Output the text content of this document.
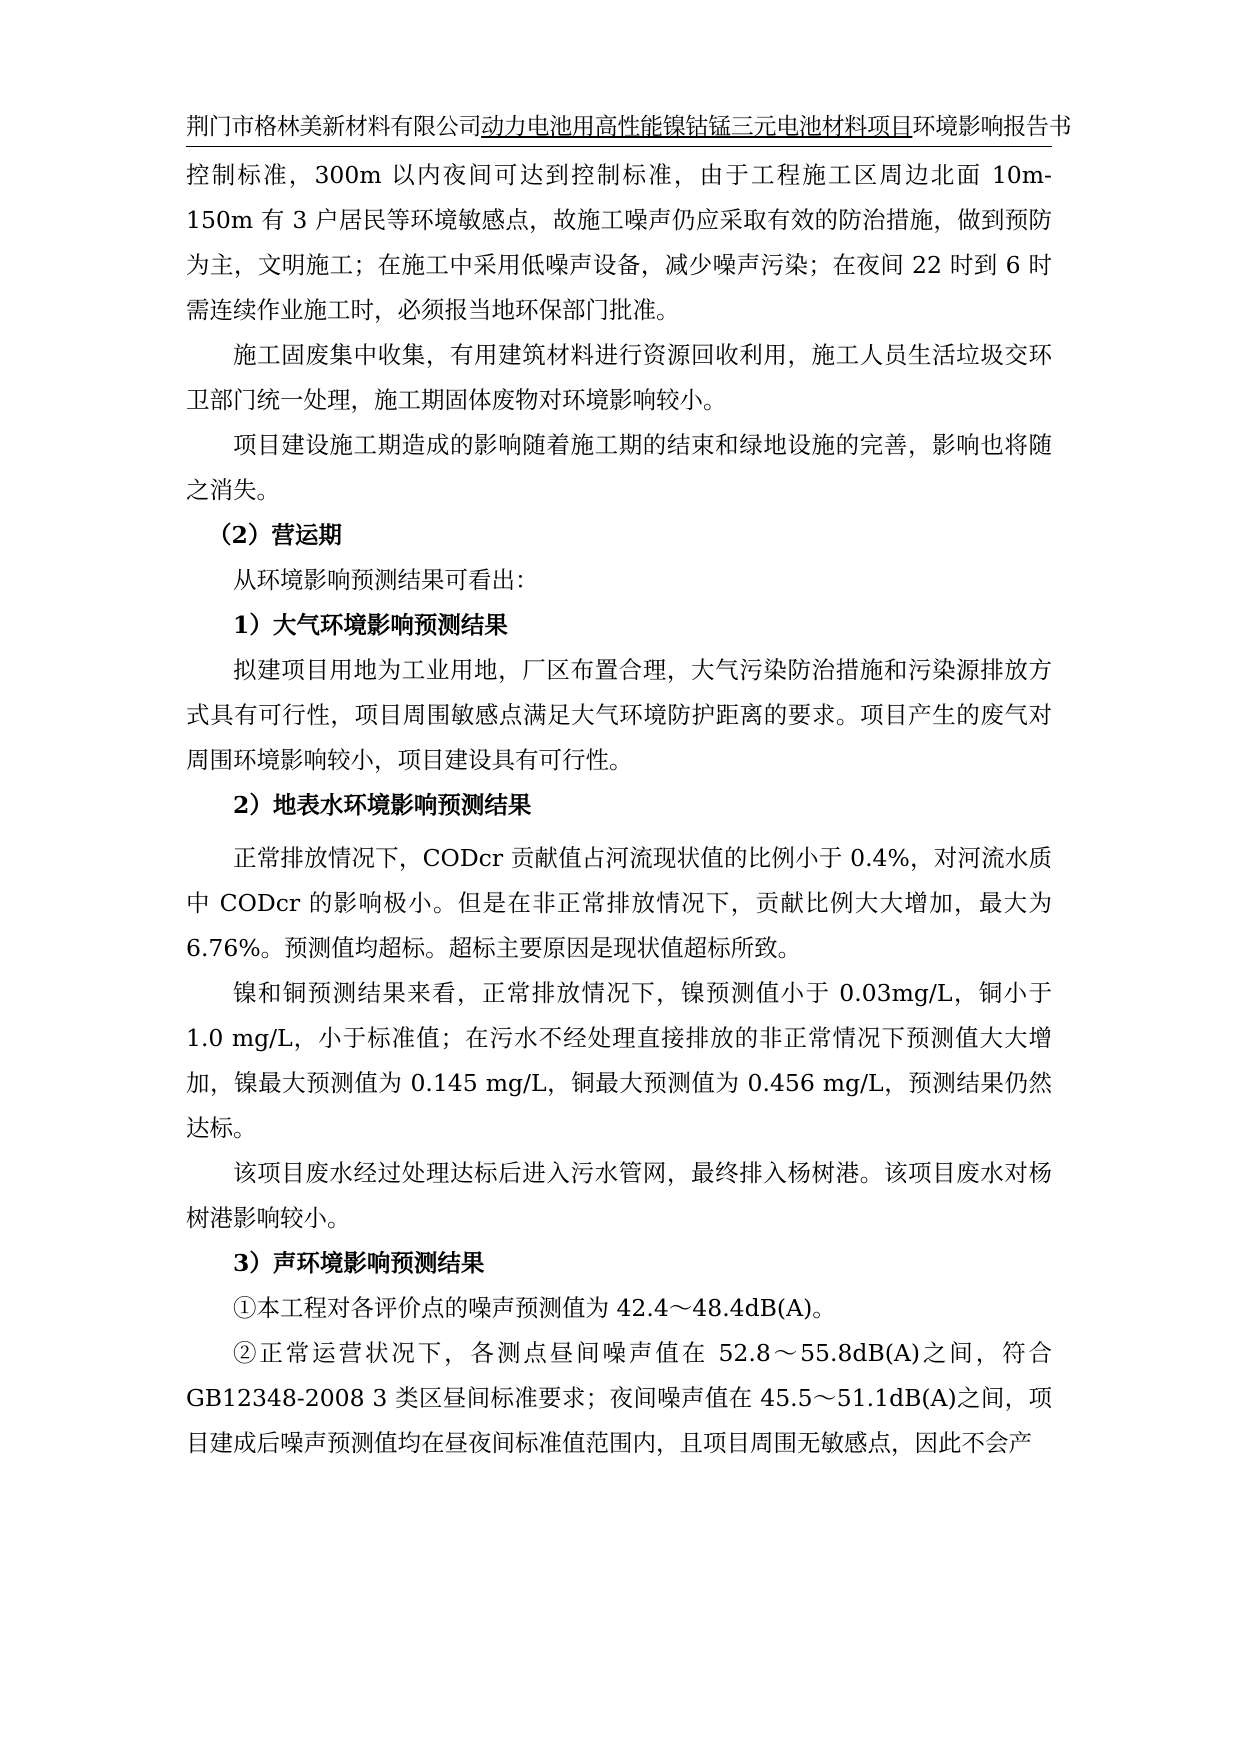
荆门市格林美新材料有限公司动力电池用高性能镍钴锰三元电池材料项目环境影响报告书

控制标准，300m 以内夜间可达到控制标准，由于工程施工区周边北面 10m-150m 有 3 户居民等环境敏感点，故施工噪声仍应采取有效的防治措施，做到预防为主，文明施工；在施工中采用低噪声设备，减少噪声污染；在夜间 22 时到 6 时需连续作业施工时，必须报当地环保部门批准。

施工固废集中收集，有用建筑材料进行资源回收利用，施工人员生活垃圾交环卫部门统一处理，施工期固体废物对环境影响较小。

项目建设施工期造成的影响随着施工期的结束和绿地设施的完善，影响也将随之消失。

（2）营运期

从环境影响预测结果可看出：

1）大气环境影响预测结果

拟建项目用地为工业用地，厂区布置合理，大气污染防治措施和污染源排放方式具有可行性，项目周围敏感点满足大气环境防护距离的要求。项目产生的废气对周围环境影响较小，项目建设具有可行性。

2）地表水环境影响预测结果

正常排放情况下，CODcr 贡献值占河流现状值的比例小于 0.4%，对河流水质中 CODcr 的影响极小。但是在非正常排放情况下，贡献比例大大增加，最大为 6.76%。预测值均超标。超标主要原因是现状值超标所致。

镍和铜预测结果来看，正常排放情况下，镍预测值小于 0.03mg/L，铜小于 1.0 mg/L，小于标准值；在污水不经处理直接排放的非正常情况下预测值大大增加，镍最大预测值为 0.145 mg/L，铜最大预测值为 0.456 mg/L，预测结果仍然达标。

该项目废水经过处理达标后进入污水管网，最终排入杨树港。该项目废水对杨树港影响较小。

3）声环境影响预测结果

①本工程对各评价点的噪声预测值为 42.4～48.4dB(A)。

②正常运营状况下，各测点昼间噪声值在 52.8～55.8dB(A)之间，符合 GB12348-2008 3 类区昼间标准要求；夜间噪声值在 45.5～51.1dB(A)之间，项目建成后噪声预测值均在昼夜间标准值范围内，且项目周围无敏感点，因此不会产
